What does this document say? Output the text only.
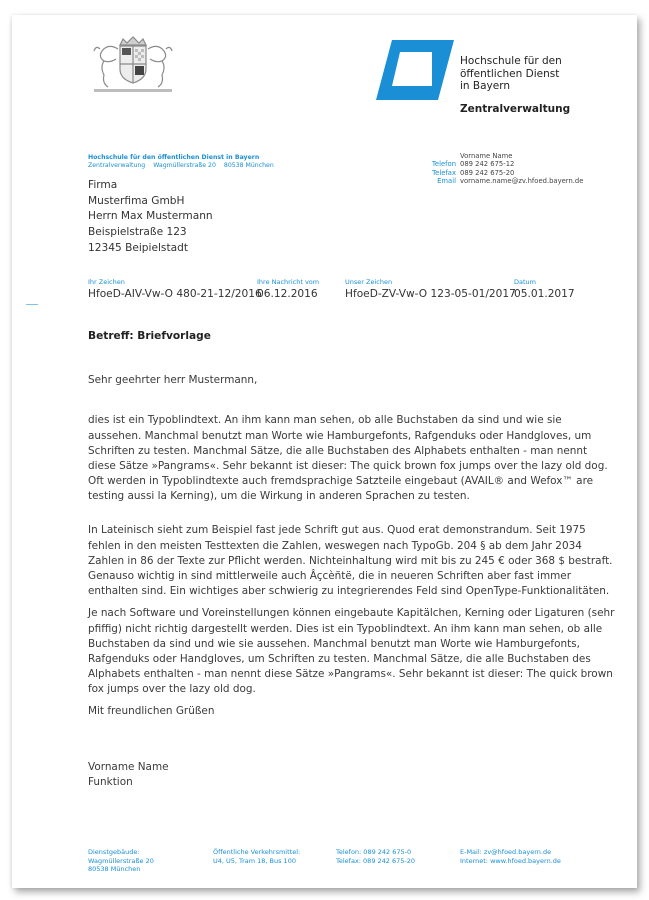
Hochschule für den
öffentlichen Dienst
in Bayern
Zentralverwaltung
Hochschule für den öffentlichen Dienst in Bayern
Zentralverwaltung Wagmüllerstraße 20 80538 München
Firma
Musterfima GmbH
Herrn Max Mustermann
Beispielstraße 123
12345 Beipielstadt
Vorname Name
Telefon 089 242 675-12
Telefax 089 242 675-20
Email vorname.name@zv.hfoed.bayern.de
Ihr Zeichen
HfoeD-AIV-Vw-O 480-21-12/2016
Ihre Nachricht vom
06.12.2016
Unser Zeichen
HfoeD-ZV-Vw-O 123-05-01/2017
Datum
05.01.2017
Betreff: Briefvorlage
Sehr geehrter herr Mustermann,

dies ist ein Typoblindtext. An ihm kann man sehen, ob alle Buchstaben da sind und wie sie aussehen. Manchmal benutzt man Worte wie Hamburgefonts, Rafgenduks oder Handgloves, um Schriften zu testen. Manchmal Sätze, die alle Buchstaben des Alphabets enthalten - man nennt diese Sätze »Pangrams«. Sehr bekannt ist dieser: The quick brown fox jumps over the lazy old dog. Oft werden in Typoblindtexte auch fremdsprachige Satzteile eingebaut (AVAIL® and Wefox™ are testing aussi la Kerning), um die Wirkung in anderen Sprachen zu testen.

In Lateinisch sieht zum Beispiel fast jede Schrift gut aus. Quod erat demonstrandum. Seit 1975 fehlen in den meisten Testtexten die Zahlen, weswegen nach TypoGb. 204 § ab dem Jahr 2034 Zahlen in 86 der Texte zur Pflicht werden. Nichteinhaltung wird mit bis zu 245 € oder 368 $ bestraft. Genauso wichtig in sind mittlerweile auch Âçcèñtë, die in neueren Schriften aber fast immer enthalten sind. Ein wichtiges aber schwierig zu integrierendes Feld sind OpenType-Funktionalitäten.

Je nach Software und Voreinstellungen können eingebaute Kapitälchen, Kerning oder Ligaturen (sehr pfiffig) nicht richtig dargestellt werden. Dies ist ein Typoblindtext. An ihm kann man sehen, ob alle Buchstaben da sind und wie sie aussehen. Manchmal benutzt man Worte wie Hamburgefonts, Rafgenduks oder Handgloves, um Schriften zu testen. Manchmal Sätze, die alle Buchstaben des Alphabets enthalten - man nennt diese Sätze »Pangrams«. Sehr bekannt ist dieser: The quick brown fox jumps over the lazy old dog.

Mit freundlichen Grüßen
Vorname Name
Funktion
Dienstgebäude:
Wagmüllerstraße 20
80538 München
Öffentliche Verkehrsmittel:
U4, U5, Tram 18, Bus 100
Telefon: 089 242 675-0
Telefax: 089 242 675-20
E-Mail: zv@hfoed.bayern.de
Internet: www.hfoed.bayern.de
